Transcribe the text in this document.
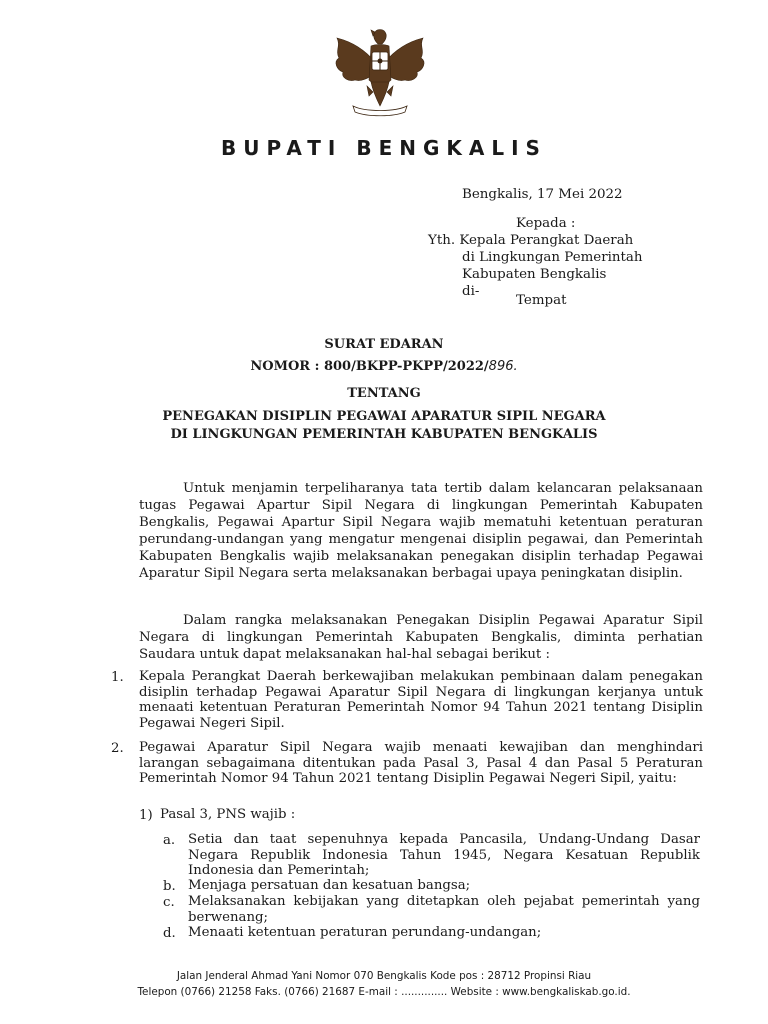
BUPATI BENGKALIS
Bengkalis, 17 Mei 2022
Kepada :
Yth. Kepala Perangkat Daerah
di Lingkungan Pemerintah
Kabupaten Bengkalis
di-
Tempat
SURAT EDARAN
NOMOR : 800/BKPP-PKPP/2022/896.
TENTANG
PENEGAKAN DISIPLIN PEGAWAI APARATUR SIPIL NEGARA
DI LINGKUNGAN PEMERINTAH KABUPATEN BENGKALIS
Untuk menjamin terpeliharanya tata tertib dalam kelancaran pelaksanaan tugas Pegawai Apartur Sipil Negara di lingkungan Pemerintah Kabupaten Bengkalis, Pegawai Apartur Sipil Negara wajib mematuhi ketentuan peraturan perundang-undangan yang mengatur mengenai disiplin pegawai, dan Pemerintah Kabupaten Bengkalis wajib melaksanakan penegakan disiplin terhadap Pegawai Aparatur Sipil Negara serta melaksanakan berbagai upaya peningkatan disiplin.
Dalam rangka melaksanakan Penegakan Disiplin Pegawai Aparatur Sipil Negara di lingkungan Pemerintah Kabupaten Bengkalis, diminta perhatian Saudara untuk dapat melaksanakan hal-hal sebagai berikut :
1. Kepala Perangkat Daerah berkewajiban melakukan pembinaan dalam penegakan disiplin terhadap Pegawai Aparatur Sipil Negara di lingkungan kerjanya untuk menaati ketentuan Peraturan Pemerintah Nomor 94 Tahun 2021 tentang Disiplin Pegawai Negeri Sipil.
2. Pegawai Aparatur Sipil Negara wajib menaati kewajiban dan menghindari larangan sebagaimana ditentukan pada Pasal 3, Pasal 4 dan Pasal 5 Peraturan Pemerintah Nomor 94 Tahun 2021 tentang Disiplin Pegawai Negeri Sipil, yaitu:
1) Pasal 3, PNS wajib :
a. Setia dan taat sepenuhnya kepada Pancasila, Undang-Undang Dasar Negara Republik Indonesia Tahun 1945, Negara Kesatuan Republik Indonesia dan Pemerintah;
b. Menjaga persatuan dan kesatuan bangsa;
c. Melaksanakan kebijakan yang ditetapkan oleh pejabat pemerintah yang berwenang;
d. Menaati ketentuan peraturan perundang-undangan;
Jalan Jenderal Ahmad Yani Nomor 070 Bengkalis Kode pos : 28712 Propinsi Riau
Telepon (0766) 21258 Faks. (0766) 21687 E-mail : .............. Website : www.bengkaliskab.go.id.
